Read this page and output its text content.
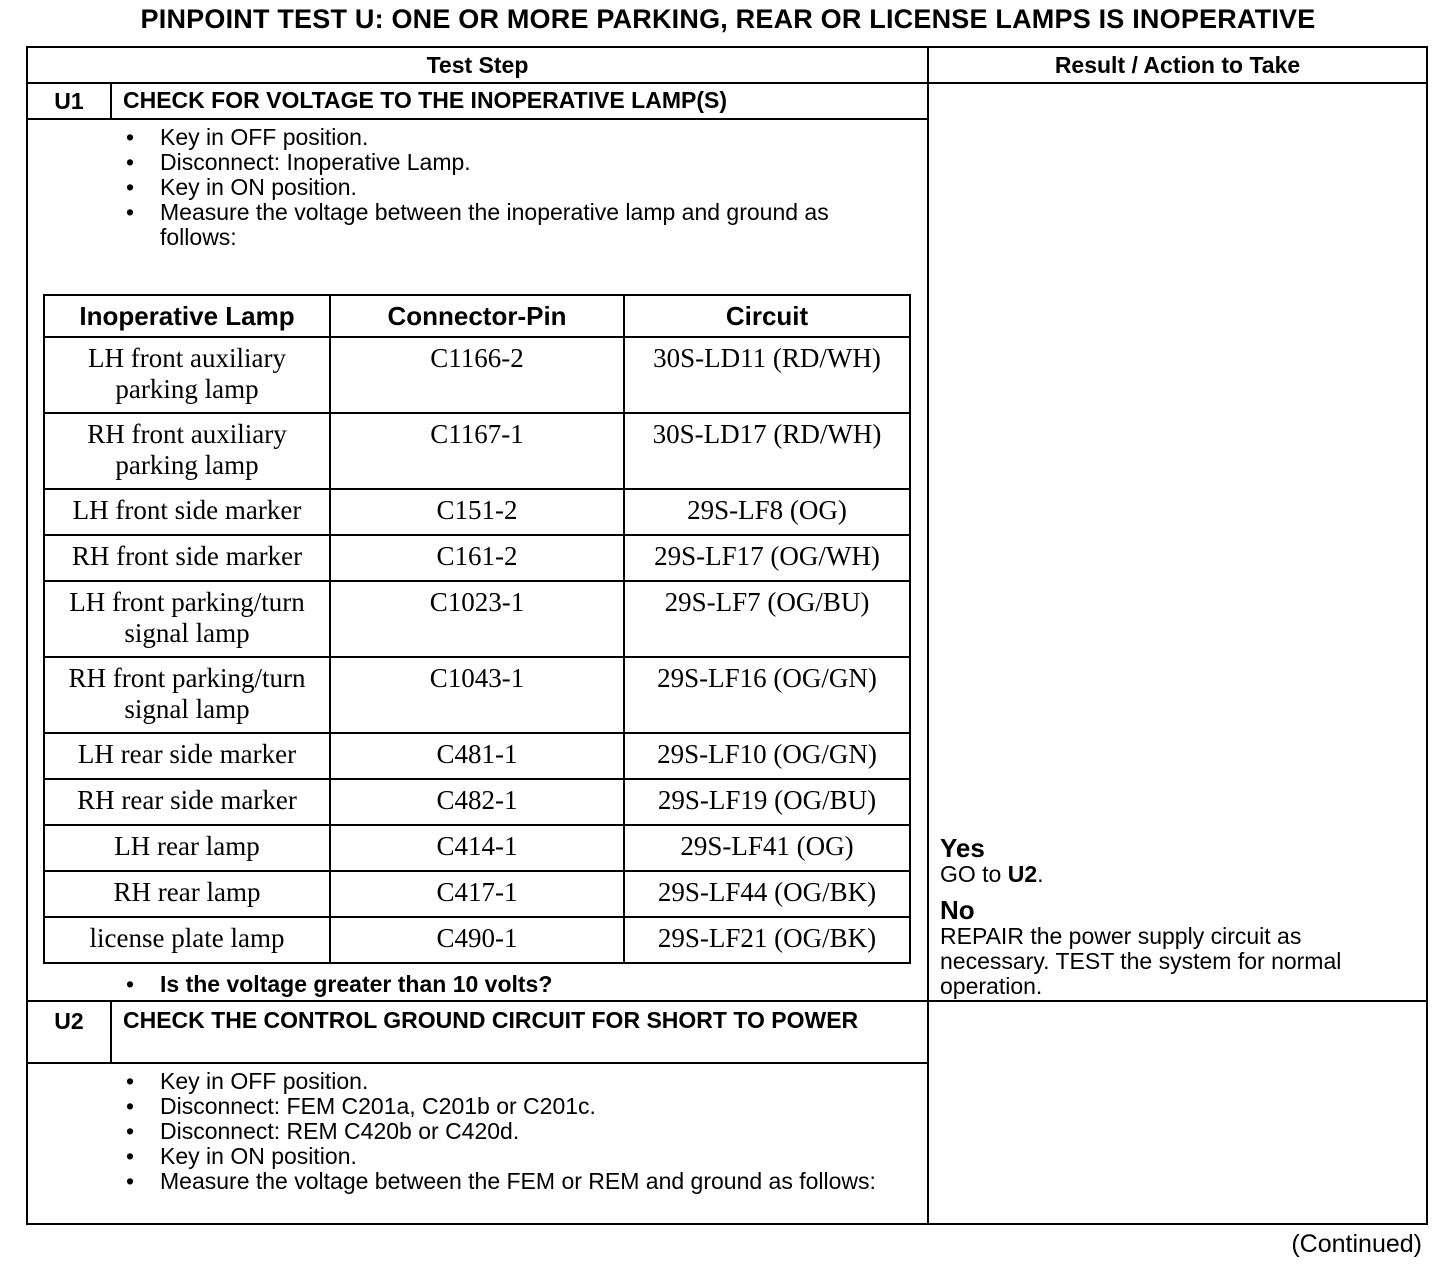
PINPOINT TEST U: ONE OR MORE PARKING, REAR OR LICENSE LAMPS IS INOPERATIVE
Test Step	Result / Action to Take
U1	CHECK FOR VOLTAGE TO THE INOPERATIVE LAMP(S)
• Key in OFF position.
• Disconnect: Inoperative Lamp.
• Key in ON position.
• Measure the voltage between the inoperative lamp and ground as follows:
Inoperative Lamp	Connector-Pin	Circuit
LH front auxiliary parking lamp	C1166-2	30S-LD11 (RD/WH)
RH front auxiliary parking lamp	C1167-1	30S-LD17 (RD/WH)
LH front side marker	C151-2	29S-LF8 (OG)
RH front side marker	C161-2	29S-LF17 (OG/WH)
LH front parking/turn signal lamp	C1023-1	29S-LF7 (OG/BU)
RH front parking/turn signal lamp	C1043-1	29S-LF16 (OG/GN)
LH rear side marker	C481-1	29S-LF10 (OG/GN)
RH rear side marker	C482-1	29S-LF19 (OG/BU)
LH rear lamp	C414-1	29S-LF41 (OG)
RH rear lamp	C417-1	29S-LF44 (OG/BK)
license plate lamp	C490-1	29S-LF21 (OG/BK)
• Is the voltage greater than 10 volts?
Yes
GO to U2.
No
REPAIR the power supply circuit as necessary. TEST the system for normal operation.
U2	CHECK THE CONTROL GROUND CIRCUIT FOR SHORT TO POWER
• Key in OFF position.
• Disconnect: FEM C201a, C201b or C201c.
• Disconnect: REM C420b or C420d.
• Key in ON position.
• Measure the voltage between the FEM or REM and ground as follows:
(Continued)
